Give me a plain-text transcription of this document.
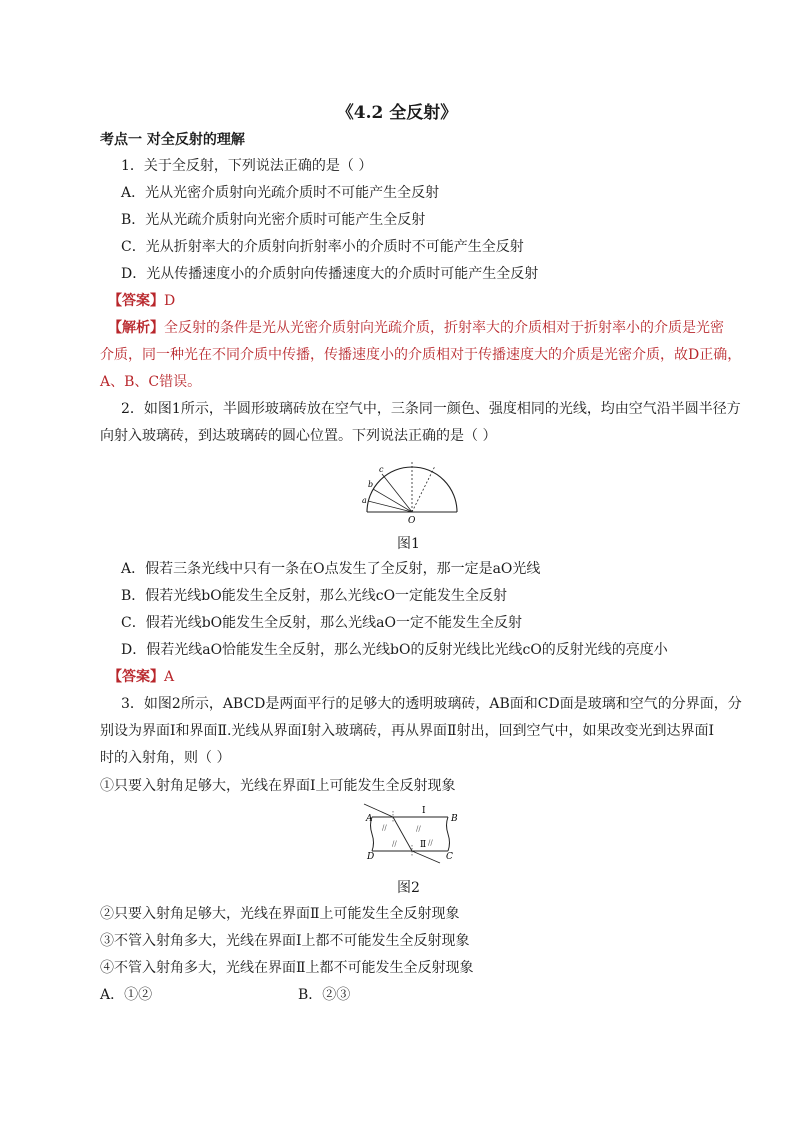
《4.2 全反射》
考点一 对全反射的理解
1．关于全反射，下列说法正确的是（ ）
A．光从光密介质射向光疏介质时不可能产生全反射
B．光从光疏介质射向光密介质时可能产生全反射
C．光从折射率大的介质射向折射率小的介质时不可能产生全反射
D．光从传播速度小的介质射向传播速度大的介质时可能产生全反射
【答案】D
【解析】全反射的条件是光从光密介质射向光疏介质，折射率大的介质相对于折射率小的介质是光密
介质，同一种光在不同介质中传播，传播速度小的介质相对于传播速度大的介质是光密介质，故D正确，
A、B、C错误。
2．如图1所示，半圆形玻璃砖放在空气中，三条同一颜色、强度相同的光线，均由空气沿半圆半径方
向射入玻璃砖，到达玻璃砖的圆心位置。下列说法正确的是（ ）
c
b
a
O
图1
A．假若三条光线中只有一条在O点发生了全反射，那一定是aO光线
B．假若光线bO能发生全反射，那么光线cO一定能发生全反射
C．假若光线bO能发生全反射，那么光线aO一定不能发生全反射
D．假若光线aO恰能发生全反射，那么光线bO的反射光线比光线cO的反射光线的亮度小
【答案】A
3．如图2所示，ABCD是两面平行的足够大的透明玻璃砖，AB面和CD面是玻璃和空气的分界面，分
别设为界面Ⅰ和界面Ⅱ.光线从界面Ⅰ射入玻璃砖，再从界面Ⅱ射出，回到空气中，如果改变光到达界面Ⅰ
时的入射角，则（ ）
①只要入射角足够大，光线在界面Ⅰ上可能发生全反射现象
//	//
//	//
A	B
C
D
Ⅰ
Ⅱ
图2
②只要入射角足够大，光线在界面Ⅱ上可能发生全反射现象
③不管入射角多大，光线在界面Ⅰ上都不可能发生全反射现象
④不管入射角多大，光线在界面Ⅱ上都不可能发生全反射现象
A．①②	B．②③
